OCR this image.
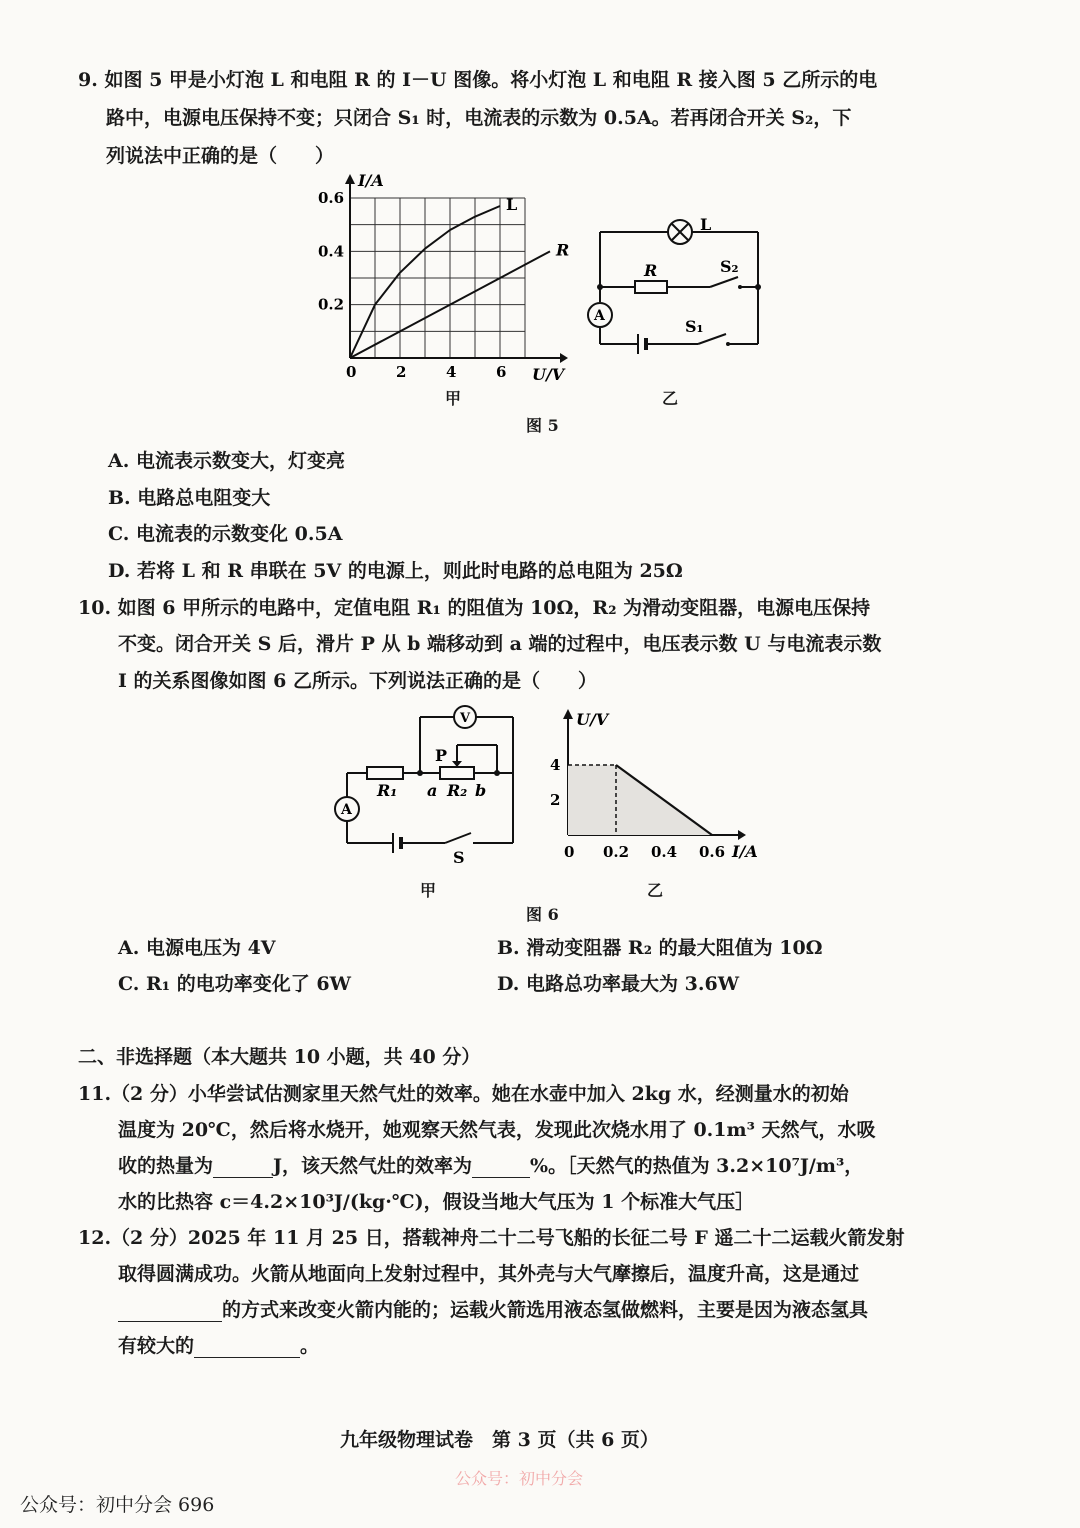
9. 如图 5 甲是小灯泡 L 和电阻 R 的 I－U 图像。将小灯泡 L 和电阻 R 接入图 5 乙所示的电
路中，电源电压保持不变；只闭合 S₁ 时，电流表的示数为 0.5A。若再闭合开关 S₂，下
列说法中正确的是（　　）
L
R
0	2	4	6
0.2
0.4
0.6
I/A
U/V
甲
L
R	S₂
S₁
A
乙
图 5
A. 电流表示数变大，灯变亮
B. 电路总电阻变大
C. 电流表的示数变化 0.5A
D. 若将 L 和 R 串联在 5V 的电源上，则此时电路的总电阻为 25Ω
10. 如图 6 甲所示的电路中，定值电阻 R₁ 的阻值为 10Ω，R₂ 为滑动变阻器，电源电压保持
不变。闭合开关 S 后，滑片 P 从 b 端移动到 a 端的过程中，电压表示数 U 与电流表示数
I 的关系图像如图 6 乙所示。下列说法正确的是（　　）
V
A
P
R₁ a R₂ b
S
甲
0 0.2 0.4 0.6
2
4
U/V
I/A
乙
图 6
A. 电源电压为 4V	B. 滑动变阻器 R₂ 的最大阻值为 10Ω
C. R₁ 的电功率变化了 6W	D. 电路总功率最大为 3.6W
二、非选择题（本大题共 10 小题，共 40 分）
11.（2 分）小华尝试估测家里天然气灶的效率。她在水壶中加入 2kg 水，经测量水的初始
温度为 20℃，然后将水烧开，她观察天然气表，发现此次烧水用了 0.1m³ 天然气，水吸
收的热量为	J，该天然气灶的效率为	%。［天然气的热值为 3.2×10⁷J/m³，
水的比热容 c＝4.2×10³J/(kg·℃)，假设当地大气压为 1 个标准大气压］
12.（2 分）2025 年 11 月 25 日，搭载神舟二十二号飞船的长征二号 F 遥二十二运载火箭发射
取得圆满成功。火箭从地面向上发射过程中，其外壳与大气摩擦后，温度升高，这是通过
的方式来改变火箭内能的；运载火箭选用液态氢做燃料，主要是因为液态氢具
有较大的	。
九年级物理试卷　第 3 页（共 6 页）
公众号：初中分会
公众号：初中分会 696
